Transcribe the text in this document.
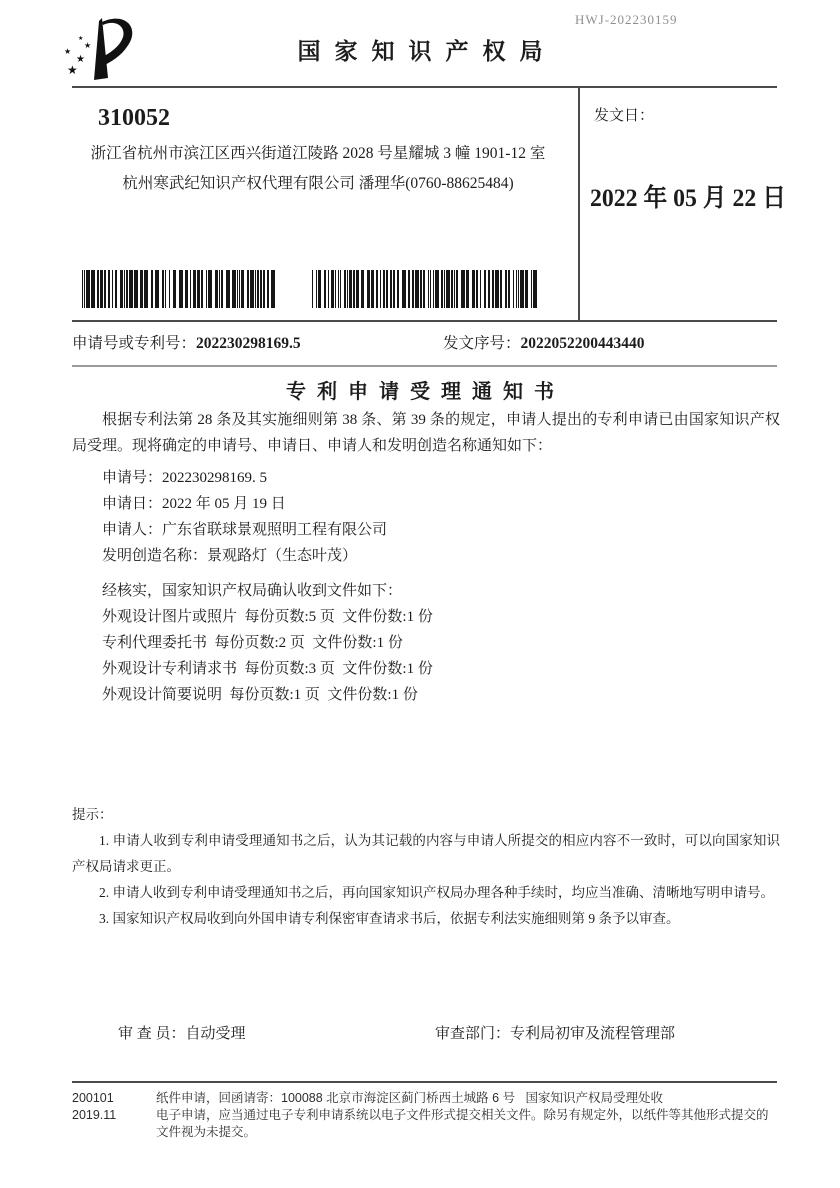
★
★
★
★
★
HWJ-202230159
国家知识产权局
310052
浙江省杭州市滨江区西兴街道江陵路 2028 号星耀城 3 幢 1901-12 室
杭州寒武纪知识产权代理有限公司 潘理华(0760-88625484)
发文日：
2022 年 05 月 22 日
申请号或专利号：202230298169.5	发文序号：2022052200443440
专利申请受理通知书

根据专利法第 28 条及其实施细则第 38 条、第 39 条的规定，申请人提出的专利申请已由国家知识产权局受理。现将确定的申请号、申请日、申请人和发明创造名称通知如下：

申请号：202230298169. 5
申请日：2022 年 05 月 19 日
申请人：广东省联球景观照明工程有限公司
发明创造名称：景观路灯（生态叶茂）
经核实，国家知识产权局确认收到文件如下：
外观设计图片或照片  每份页数:5 页  文件份数:1 份
专利代理委托书  每份页数:2 页  文件份数:1 份
外观设计专利请求书  每份页数:3 页  文件份数:1 份
外观设计简要说明  每份页数:1 页  文件份数:1 份

提示：

1. 申请人收到专利申请受理通知书之后，认为其记载的内容与申请人所提交的相应内容不一致时，可以向国家知识产权局请求更正。

2. 申请人收到专利申请受理通知书之后，再向国家知识产权局办理各种手续时，均应当准确、清晰地写明申请号。

3. 国家知识产权局收到向外国申请专利保密审查请求书后，依据专利法实施细则第 9 条予以审查。

审 查 员：自动受理	审查部门：专利局初审及流程管理部
200101	纸件申请，回函请寄：100088 北京市海淀区蓟门桥西土城路 6 号   国家知识产权局受理处收
2019.11	电子申请，应当通过电子专利申请系统以电子文件形式提交相关文件。除另有规定外，以纸件等其他形式提交的文件视为未提交。
